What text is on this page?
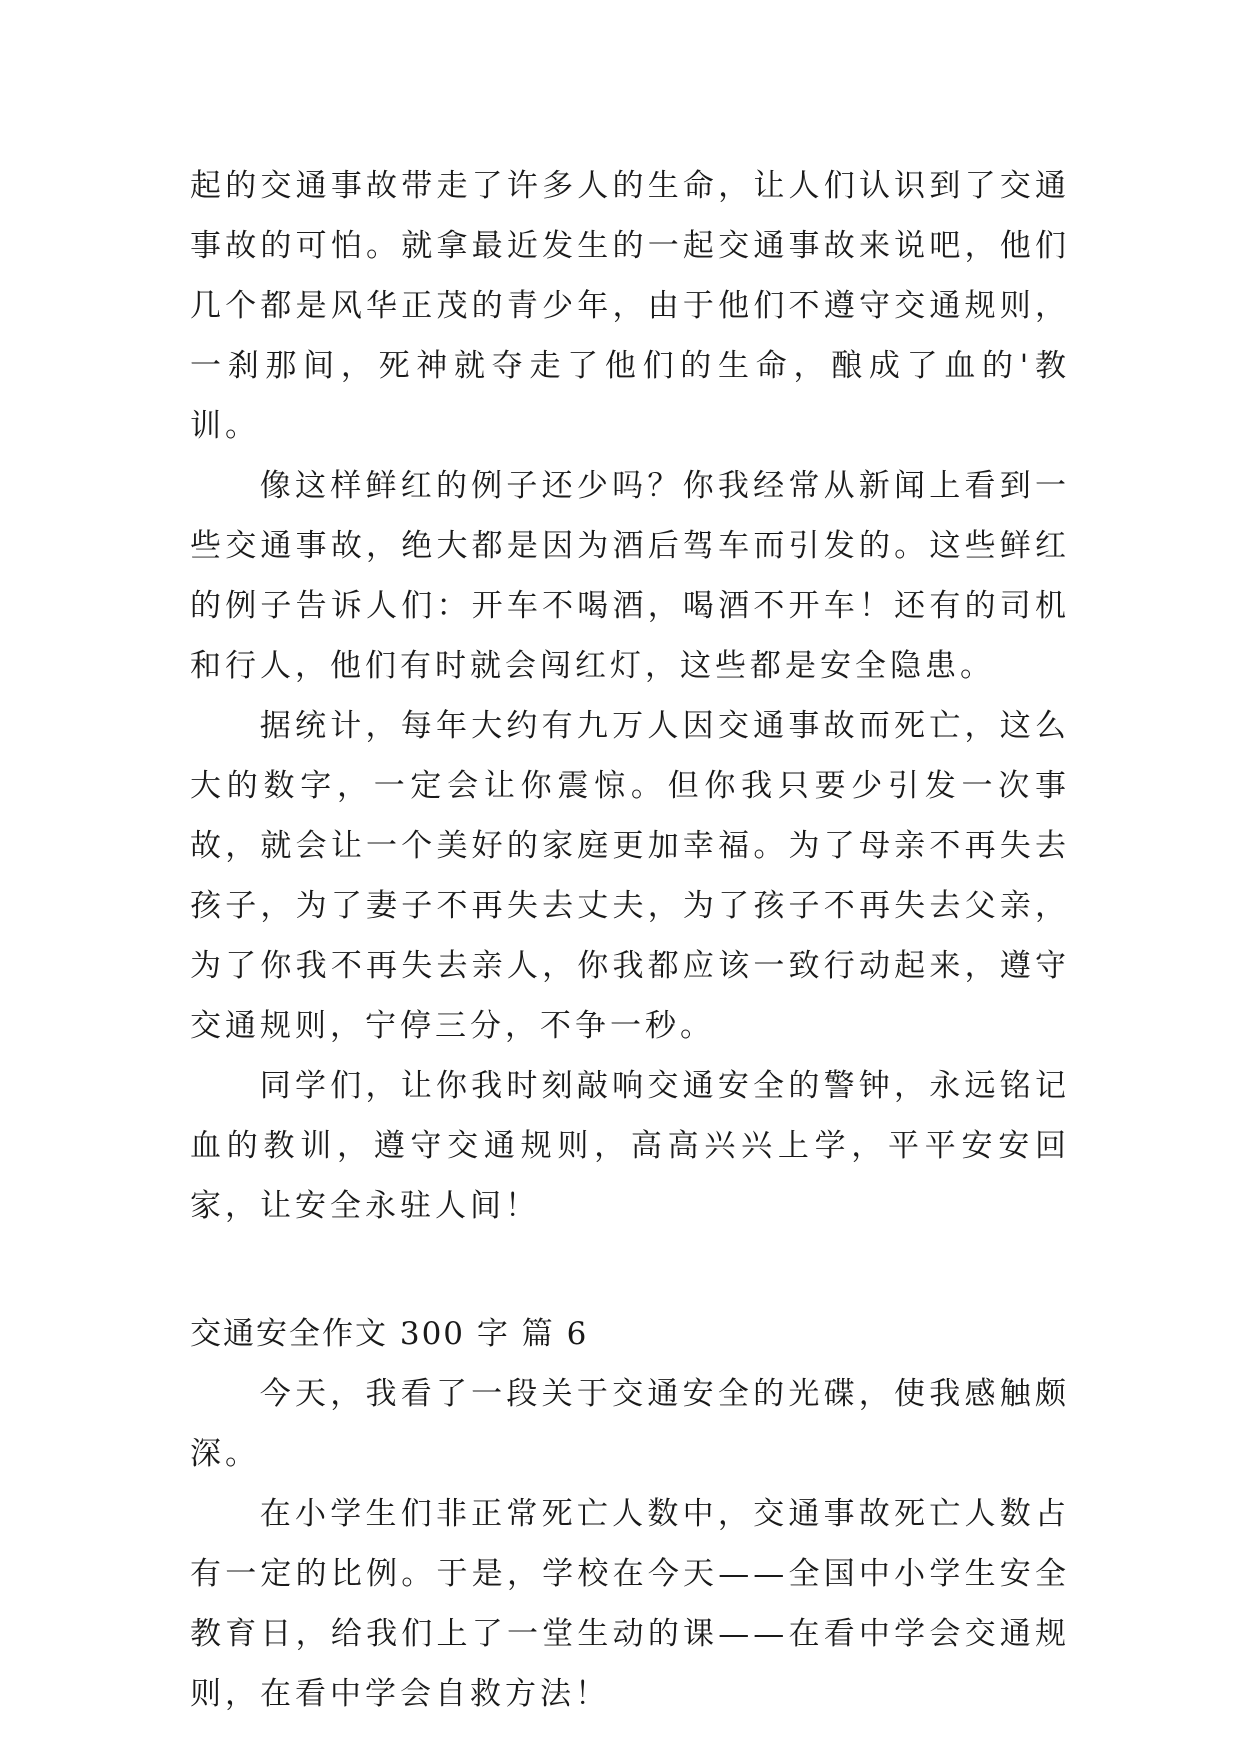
起的交通事故带走了许多人的生命，让人们认识到了交通事故的可怕。就拿最近发生的一起交通事故来说吧，他们几个都是风华正茂的青少年，由于他们不遵守交通规则，一刹那间，死神就夺走了他们的生命，酿成了血的'教训。

像这样鲜红的例子还少吗？你我经常从新闻上看到一些交通事故，绝大都是因为酒后驾车而引发的。这些鲜红的例子告诉人们：开车不喝酒，喝酒不开车！还有的司机和行人，他们有时就会闯红灯，这些都是安全隐患。

据统计，每年大约有九万人因交通事故而死亡，这么大的数字，一定会让你震惊。但你我只要少引发一次事故，就会让一个美好的家庭更加幸福。为了母亲不再失去孩子，为了妻子不再失去丈夫，为了孩子不再失去父亲，为了你我不再失去亲人，你我都应该一致行动起来，遵守交通规则，宁停三分，不争一秒。

同学们，让你我时刻敲响交通安全的警钟，永远铭记血的教训，遵守交通规则，高高兴兴上学，平平安安回家，让安全永驻人间！

交通安全作文 300 字 篇 6

今天，我看了一段关于交通安全的光碟，使我感触颇深。

在小学生们非正常死亡人数中，交通事故死亡人数占有一定的比例。于是，学校在今天——全国中小学生安全教育日，给我们上了一堂生动的课——在看中学会交通规则，在看中学会自救方法！
